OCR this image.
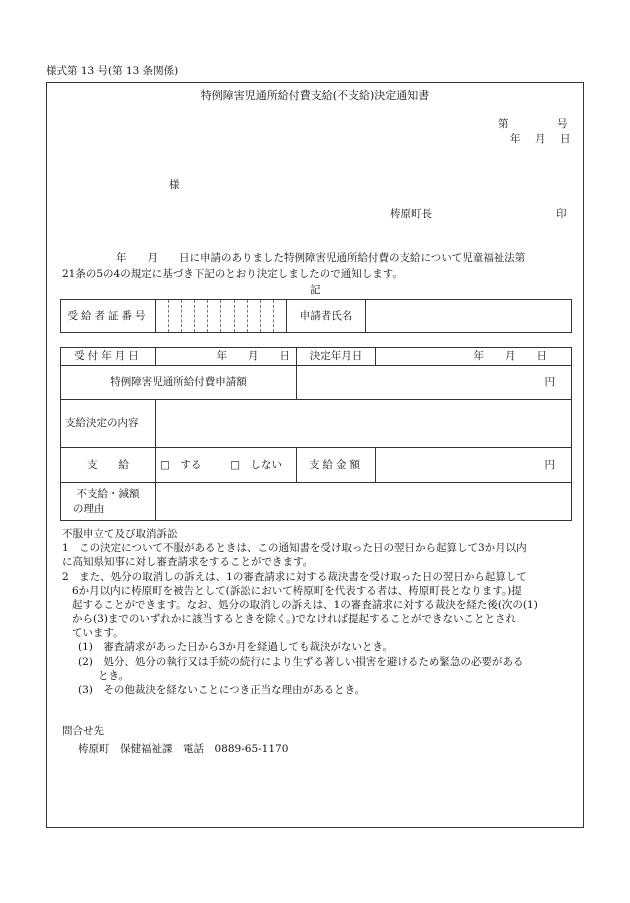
様式第 13 号(第 13 条関係)
特例障害児通所給付費支給(不支給)決定通知書
第	号
年　月　日
様
梼原町長	印
年　　月　　日に申請のありました特例障害児通所給付費の支給について児童福祉法第
21条の5の4の規定に基づき下記のとおり決定しましたので通知します。
記
受給者証番号		申請者氏名	
受付年月日	年　　月　　日	決定年月日	年　　月　　日
特例障害児通所給付費申請額		円	
支給決定の内容			
支　　給	□　する □　しない	支給金額	円

不支給・減額
の理由			

不服申立て及び取消訴訟
1　この決定について不服があるときは、この通知書を受け取った日の翌日から起算して3か月以内
に高知県知事に対し審査請求をすることができます。
2　また、処分の取消しの訴えは、1の審査請求に対する裁決書を受け取った日の翌日から起算して
6か月以内に梼原町を被告として(訴訟において梼原町を代表する者は、梼原町長となります。)提
起することができます。なお、処分の取消しの訴えは、1の審査請求に対する裁決を経た後(次の(1)
から(3)までのいずれかに該当するときを除く。)でなければ提起することができないこととされ
ています。
(1)　審査請求があった日から3か月を経過しても裁決がないとき。
(2)　処分、処分の執行又は手続の続行により生ずる著しい損害を避けるため緊急の必要がある
とき。
(3)　その他裁決を経ないことにつき正当な理由があるとき。
問合せ先
梼原町　保健福祉課　電話　0889-65-1170
